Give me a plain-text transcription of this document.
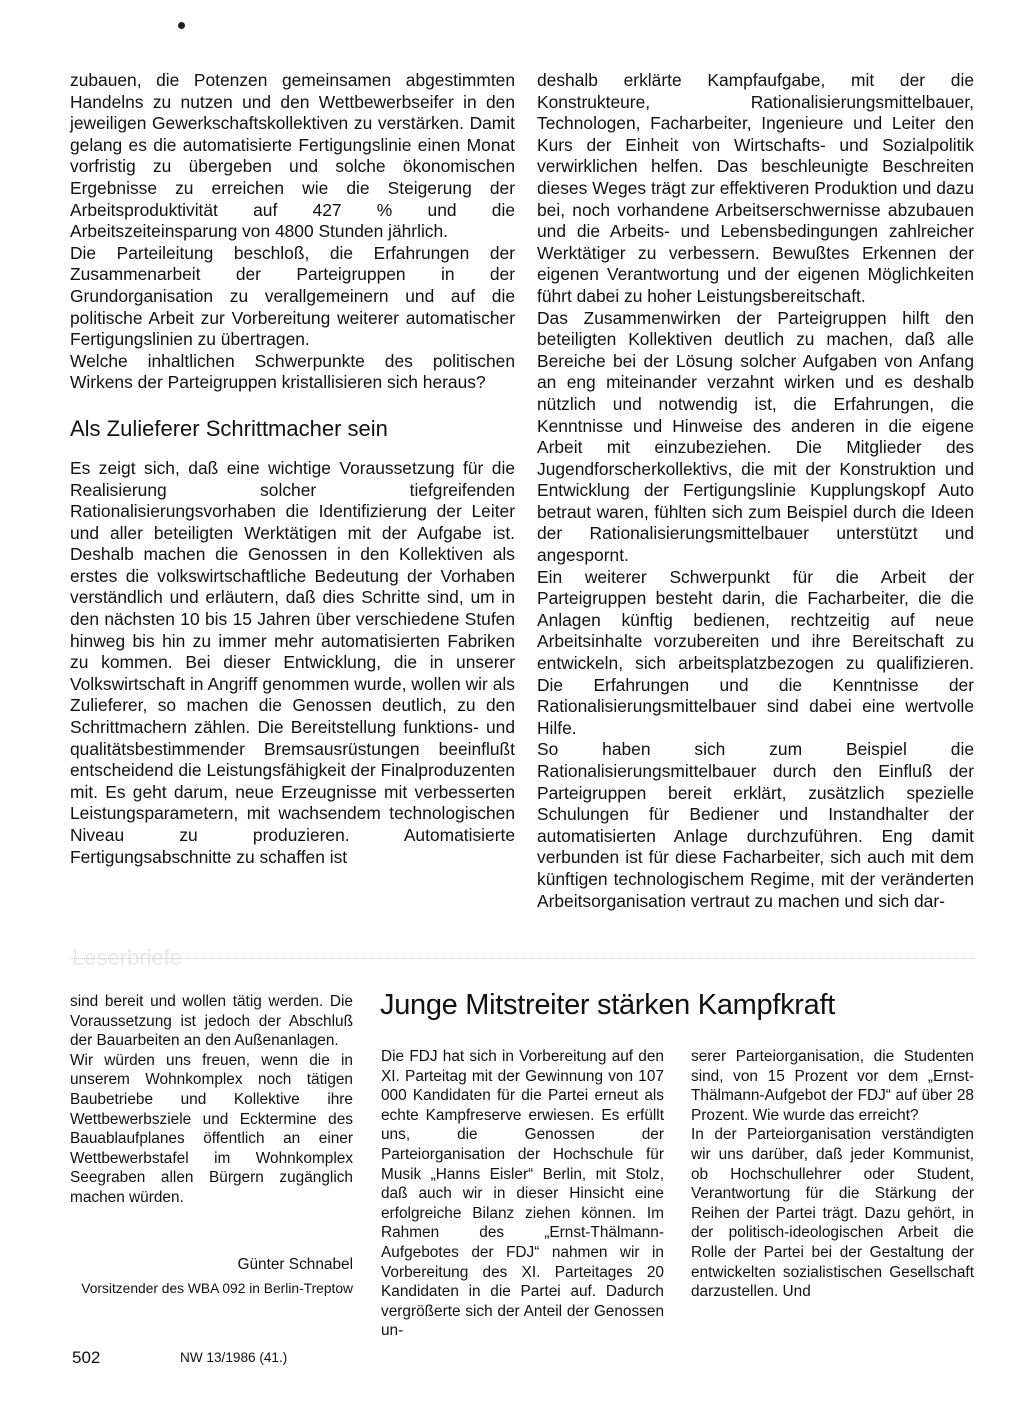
zubauen, die Potenzen gemeinsamen abgestimmten Handelns zu nutzen und den Wettbewerbseifer in den jeweiligen Gewerkschaftskollektiven zu verstärken. Damit gelang es die automatisierte Fertigungslinie einen Monat vorfristig zu übergeben und solche ökonomischen Ergebnisse zu erreichen wie die Steigerung der Arbeitsproduktivität auf 427 % und die Arbeitszeiteinsparung von 4800 Stunden jährlich.

Die Parteileitung beschloß, die Erfahrungen der Zusammenarbeit der Parteigruppen in der Grundorganisation zu verallgemeinern und auf die politische Arbeit zur Vorbereitung weiterer automatischer Fertigungslinien zu übertragen.

Welche inhaltlichen Schwerpunkte des politischen Wirkens der Parteigruppen kristallisieren sich heraus?

Als Zulieferer Schrittmacher sein

Es zeigt sich, daß eine wichtige Voraussetzung für die Realisierung solcher tiefgreifenden Rationalisierungsvorhaben die Identifizierung der Leiter und aller beteiligten Werktätigen mit der Aufgabe ist. Deshalb machen die Genossen in den Kollektiven als erstes die volkswirtschaftliche Bedeutung der Vorhaben verständlich und erläutern, daß dies Schritte sind, um in den nächsten 10 bis 15 Jahren über verschiedene Stufen hinweg bis hin zu immer mehr automatisierten Fabriken zu kommen. Bei dieser Entwicklung, die in unserer Volkswirtschaft in Angriff genommen wurde, wollen wir als Zulieferer, so machen die Genossen deutlich, zu den Schrittmachern zählen. Die Bereitstellung funktions- und qualitätsbestimmender Bremsausrüstungen beeinflußt entscheidend die Leistungsfähigkeit der Finalproduzenten mit. Es geht darum, neue Erzeugnisse mit verbesserten Leistungsparametern, mit wachsendem technologischen Niveau zu produzieren. Automatisierte Fertigungsabschnitte zu schaffen ist

deshalb erklärte Kampfaufgabe, mit der die Konstrukteure, Rationalisierungsmittelbauer, Technologen, Facharbeiter, Ingenieure und Leiter den Kurs der Einheit von Wirtschafts- und Sozialpolitik verwirklichen helfen. Das beschleunigte Beschreiten dieses Weges trägt zur effektiveren Produktion und dazu bei, noch vorhandene Arbeitserschwernisse abzubauen und die Arbeits- und Lebensbedingungen zahlreicher Werktätiger zu verbessern. Bewußtes Erkennen der eigenen Verantwortung und der eigenen Möglichkeiten führt dabei zu hoher Leistungsbereitschaft.

Das Zusammenwirken der Parteigruppen hilft den beteiligten Kollektiven deutlich zu machen, daß alle Bereiche bei der Lösung solcher Aufgaben von Anfang an eng miteinander verzahnt wirken und es deshalb nützlich und notwendig ist, die Erfahrungen, die Kenntnisse und Hinweise des anderen in die eigene Arbeit mit einzubeziehen. Die Mitglieder des Jugendforscherkollektivs, die mit der Konstruktion und Entwicklung der Fertigungslinie Kupplungskopf Auto betraut waren, fühlten sich zum Beispiel durch die Ideen der Rationalisierungsmittelbauer unterstützt und angespornt.

Ein weiterer Schwerpunkt für die Arbeit der Parteigruppen besteht darin, die Facharbeiter, die die Anlagen künftig bedienen, rechtzeitig auf neue Arbeitsinhalte vorzubereiten und ihre Bereitschaft zu entwickeln, sich arbeitsplatzbezogen zu qualifizieren. Die Erfahrungen und die Kenntnisse der Rationalisierungsmittelbauer sind dabei eine wertvolle Hilfe.

So haben sich zum Beispiel die Rationalisierungsmittelbauer durch den Einfluß der Parteigruppen bereit erklärt, zusätzlich spezielle Schulungen für Bediener und Instandhalter der automatisierten Anlage durchzuführen. Eng damit verbunden ist für diese Facharbeiter, sich auch mit dem künftigen technologischem Regime, mit der veränderten Arbeitsorganisation vertraut zu machen und sich dar-

Leserbriefe

sind bereit und wollen tätig werden. Die Voraussetzung ist jedoch der Abschluß der Bauarbeiten an den Außenanlagen.

Wir würden uns freuen, wenn die in unserem Wohnkomplex noch tätigen Baubetriebe und Kollektive ihre Wettbewerbsziele und Ecktermine des Bauablaufplanes öffentlich an einer Wettbewerbstafel im Wohnkomplex Seegraben allen Bürgern zugänglich machen würden.

Günter Schnabel
Vorsitzender des WBA 092 in Berlin-Treptow
Junge Mitstreiter stärken Kampfkraft

Die FDJ hat sich in Vorbereitung auf den XI. Parteitag mit der Gewinnung von 107 000 Kandidaten für die Partei erneut als echte Kampfreserve erwiesen. Es erfüllt uns, die Genossen der Parteiorganisation der Hochschule für Musik „Hanns Eisler“ Berlin, mit Stolz, daß auch wir in dieser Hinsicht eine erfolgreiche Bilanz ziehen können. Im Rahmen des „Ernst-Thälmann-Aufgebotes der FDJ“ nahmen wir in Vorbereitung des XI. Parteitages 20 Kandidaten in die Partei auf. Dadurch vergrößerte sich der Anteil der Genossen un-

serer Parteiorganisation, die Studenten sind, von 15 Prozent vor dem „Ernst-Thälmann-Aufgebot der FDJ“ auf über 28 Prozent. Wie wurde das erreicht?

In der Parteiorganisation verständigten wir uns darüber, daß jeder Kommunist, ob Hochschullehrer oder Student, Verantwortung für die Stärkung der Reihen der Partei trägt. Dazu gehört, in der politisch-ideologischen Arbeit die Rolle der Partei bei der Gestaltung der entwickelten sozialistischen Gesellschaft darzustellen. Und

502	NW 13/1986 (41.)
